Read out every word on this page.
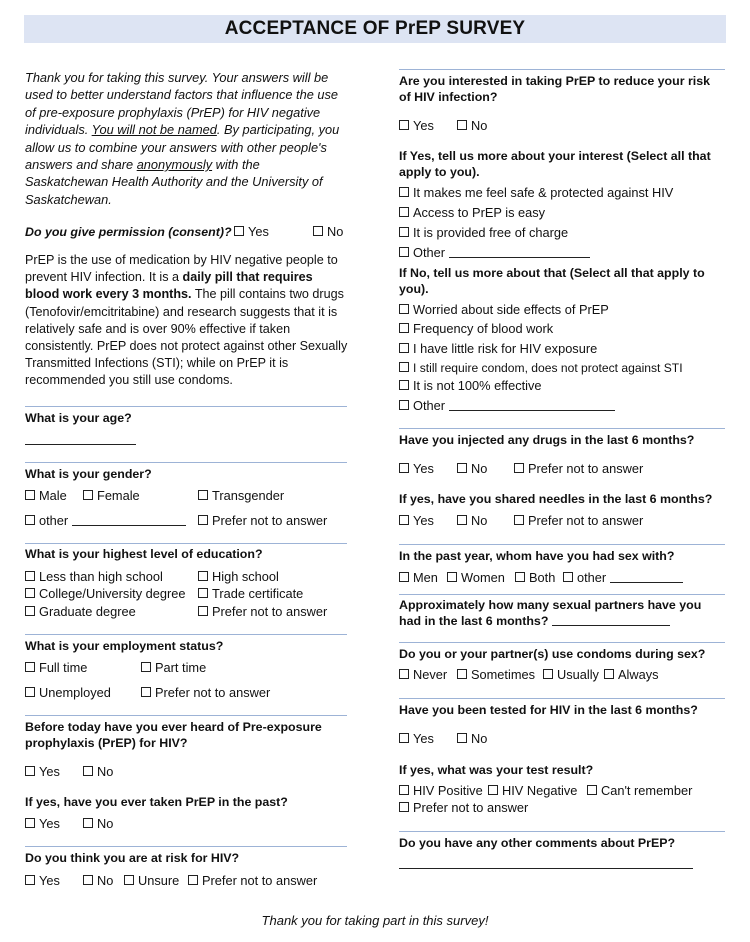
ACCEPTANCE OF PrEP SURVEY
Thank you for taking this survey. Your answers will be used to better understand factors that influence the use of pre-exposure prophylaxis (PrEP) for HIV negative individuals. You will not be named. By participating, you allow us to combine your answers with other people's answers and share anonymously with the Saskatchewan Health Authority and the University of Saskatchewan.
Do you give permission (consent)?	Yes	No
PrEP is the use of medication by HIV negative people to prevent HIV infection. It is a daily pill that requires blood work every 3 months. The pill contains two drugs (Tenofovir/emcitritabine) and research suggests that it is relatively safe and is over 90% effective if taken consistently. PrEP does not protect against other Sexually Transmitted Infections (STI); while on PrEP it is recommended you still use condoms.
What is your age?
What is your gender?
Male	Female	Transgender
other	Prefer not to answer
What is your highest level of education?
Less than high school	High school
College/University degree	Trade certificate
Graduate degree	Prefer not to answer
What is your employment status?
Full time	Part time
Unemployed	Prefer not to answer
Before today have you ever heard of Pre-exposure prophylaxis (PrEP) for HIV?
Yes	No
If yes, have you ever taken PrEP in the past?
Yes	No
Do you think you are at risk for HIV?
Yes	No	Unsure	Prefer not to answer
Are you interested in taking PrEP to reduce your risk of HIV infection?
Yes	No
If Yes, tell us more about your interest (Select all that apply to you).
It makes me feel safe & protected against HIV
Access to PrEP is easy
It is provided free of charge
Other
If No, tell us more about that (Select all that apply to you).
Worried about side effects of PrEP
Frequency of blood work
I have little risk for HIV exposure
I still require condom, does not protect against STI
It is not 100% effective
Other
Have you injected any drugs in the last 6 months?
Yes	No	Prefer not to answer
If yes, have you shared needles in the last 6 months?
Yes	No	Prefer not to answer
In the past year, whom have you had sex with?
Men	Women	Both	other
Approximately how many sexual partners have you had in the last 6 months?
Do you or your partner(s) use condoms during sex?
Never	Sometimes	Usually	Always
Have you been tested for HIV in the last 6 months?
Yes	No
If yes, what was your test result?
HIV Positive	HIV Negative	Can't remember
Prefer not to answer
Do you have any other comments about PrEP?
Thank you for taking part in this survey!
